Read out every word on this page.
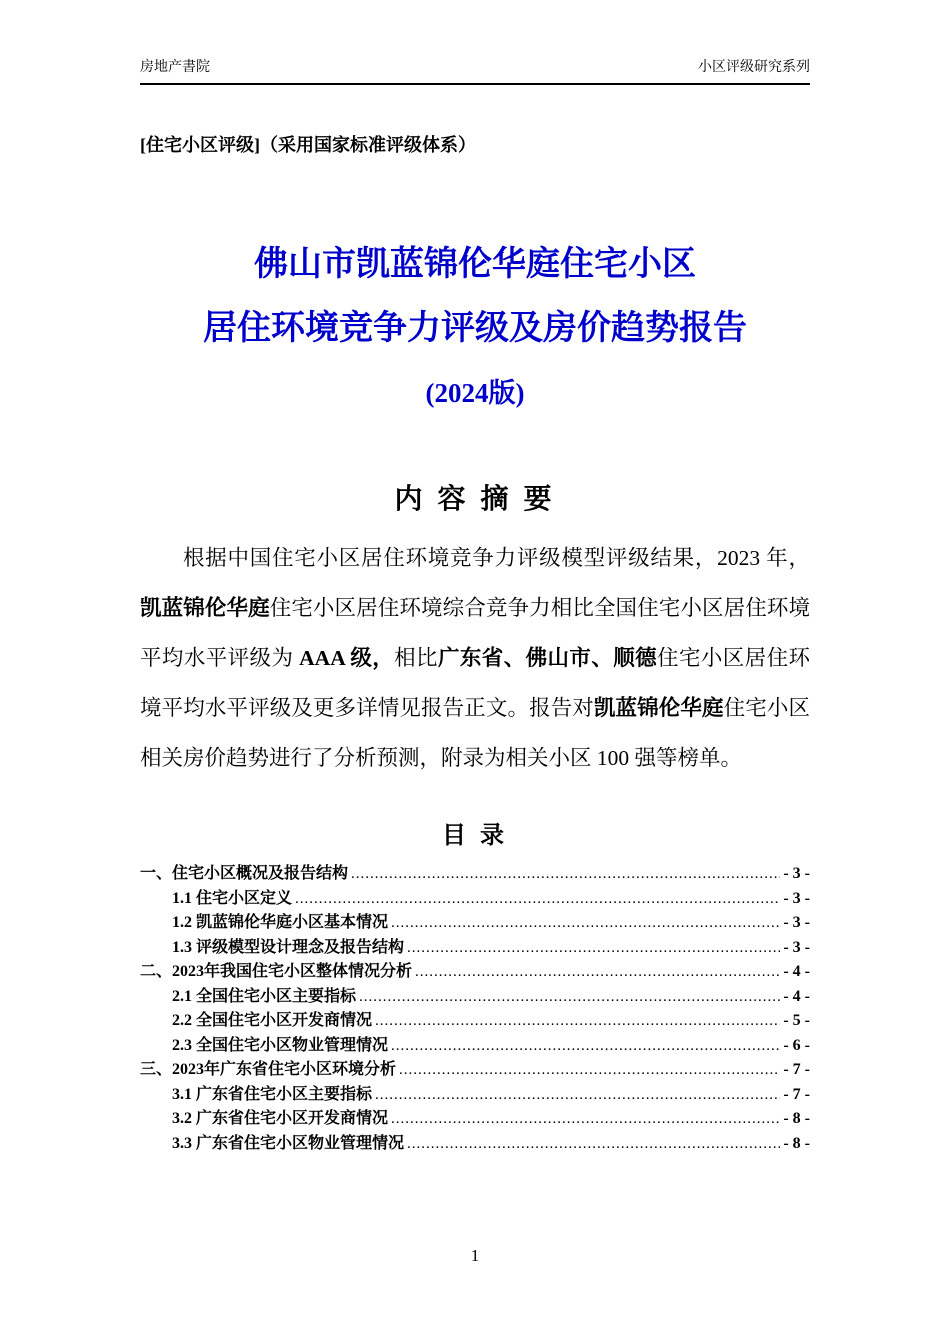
房地产書院	小区评级研究系列
[住宅小区评级]（采用国家标准评级体系）
佛山市凯蓝锦伦华庭住宅小区
居住环境竞争力评级及房价趋势报告
(2024版)
内 容 摘 要
根据中国住宅小区居住环境竞争力评级模型评级结果，2023 年，凯蓝锦伦华庭住宅小区居住环境综合竞争力相比全国住宅小区居住环境平均水平评级为 AAA 级，相比广东省、佛山市、顺德住宅小区居住环境平均水平评级及更多详情见报告正文。报告对凯蓝锦伦华庭住宅小区相关房价趋势进行了分析预测，附录为相关小区 100 强等榜单。
目 录
一、住宅小区概况及报告结构 .....	- 3 -
1.1 住宅小区定义 .....	- 3 -
1.2 凯蓝锦伦华庭小区基本情况 .....	- 3 -
1.3 评级模型设计理念及报告结构 .....	- 3 -
二、2023年我国住宅小区整体情况分析 .....	- 4 -
2.1 全国住宅小区主要指标 .....	- 4 -
2.2 全国住宅小区开发商情况 .....	- 5 -
2.3 全国住宅小区物业管理情况 .....	- 6 -
三、2023年广东省住宅小区环境分析 .....	- 7 -
3.1 广东省住宅小区主要指标 .....	- 7 -
3.2 广东省住宅小区开发商情况 .....	- 8 -
3.3 广东省住宅小区物业管理情况 .....	- 8 -
1
